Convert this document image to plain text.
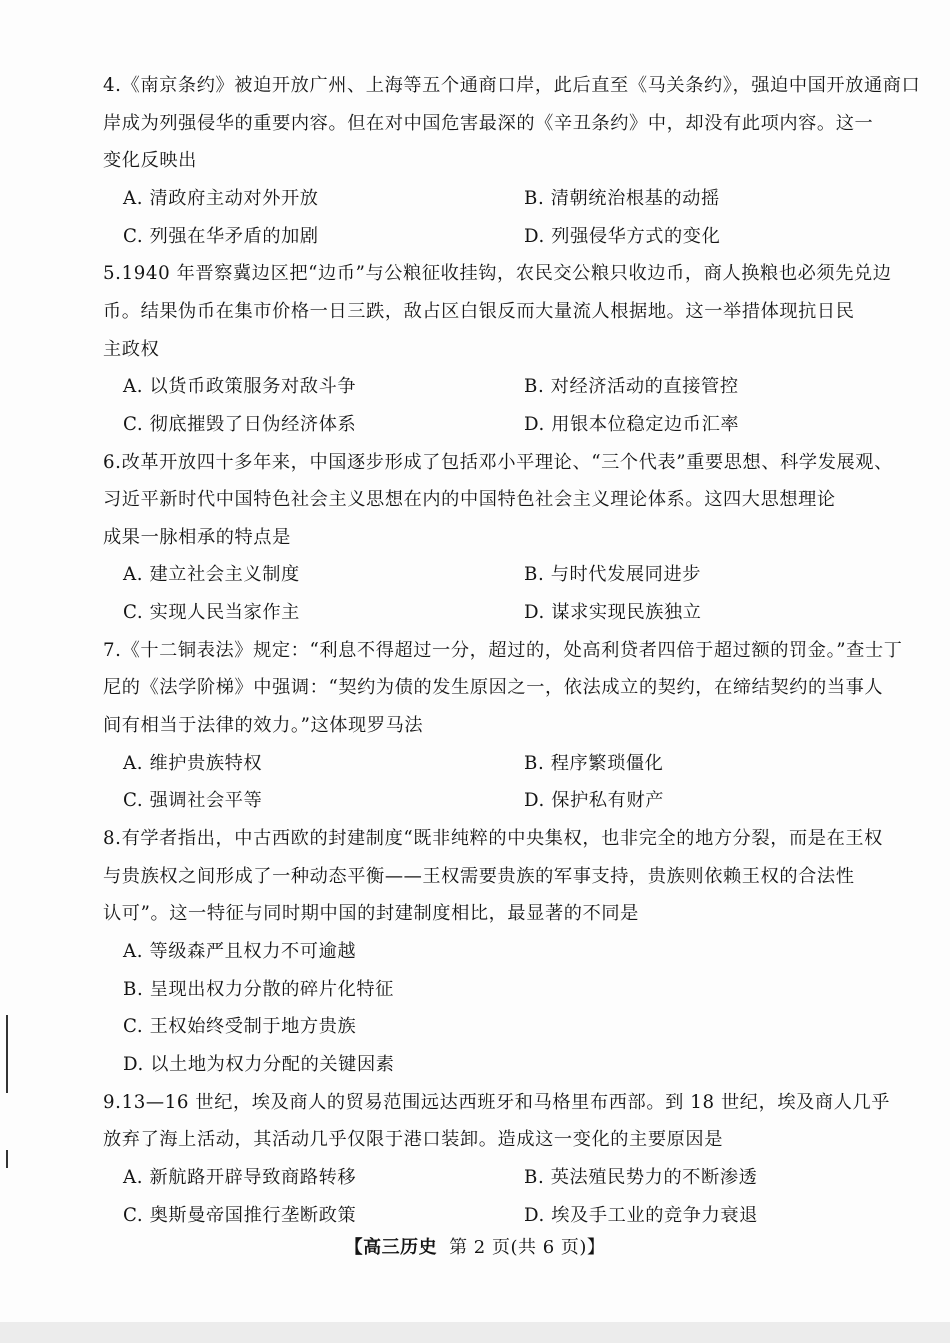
【高三历史 第 2 页(共 6 页)】
4.《南京条约》被迫开放广州、上海等五个通商口岸，此后直至《马关条约》，强迫中国开放通商口
岸成为列强侵华的重要内容。但在对中国危害最深的《辛丑条约》中，却没有此项内容。这一
变化反映出
A. 清政府主动对外开放	B. 清朝统治根基的动摇
C. 列强在华矛盾的加剧	D. 列强侵华方式的变化
5.1940 年晋察冀边区把“边币”与公粮征收挂钩，农民交公粮只收边币，商人换粮也必须先兑边
币。结果伪币在集市价格一日三跌，敌占区白银反而大量流人根据地。这一举措体现抗日民
主政权
A. 以货币政策服务对敌斗争	B. 对经济活动的直接管控
C. 彻底摧毁了日伪经济体系	D. 用银本位稳定边币汇率
6.改革开放四十多年来，中国逐步形成了包括邓小平理论、“三个代表”重要思想、科学发展观、
习近平新时代中国特色社会主义思想在内的中国特色社会主义理论体系。这四大思想理论
成果一脉相承的特点是
A. 建立社会主义制度	B. 与时代发展同进步
C. 实现人民当家作主	D. 谋求实现民族独立
7.《十二铜表法》规定：“利息不得超过一分，超过的，处高利贷者四倍于超过额的罚金。”查士丁
尼的《法学阶梯》中强调：“契约为债的发生原因之一，依法成立的契约，在缔结契约的当事人
间有相当于法律的效力。”这体现罗马法
A. 维护贵族特权	B. 程序繁琐僵化
C. 强调社会平等	D. 保护私有财产
8.有学者指出，中古西欧的封建制度“既非纯粹的中央集权，也非完全的地方分裂，而是在王权
与贵族权之间形成了一种动态平衡——王权需要贵族的军事支持，贵族则依赖王权的合法性
认可”。这一特征与同时期中国的封建制度相比，最显著的不同是
A. 等级森严且权力不可逾越
B. 呈现出权力分散的碎片化特征
C. 王权始终受制于地方贵族
D. 以土地为权力分配的关键因素
9.13—16 世纪，埃及商人的贸易范围远达西班牙和马格里布西部。到 18 世纪，埃及商人几乎
放弃了海上活动，其活动几乎仅限于港口装卸。造成这一变化的主要原因是
A. 新航路开辟导致商路转移	B. 英法殖民势力的不断渗透
C. 奥斯曼帝国推行垄断政策	D. 埃及手工业的竞争力衰退
